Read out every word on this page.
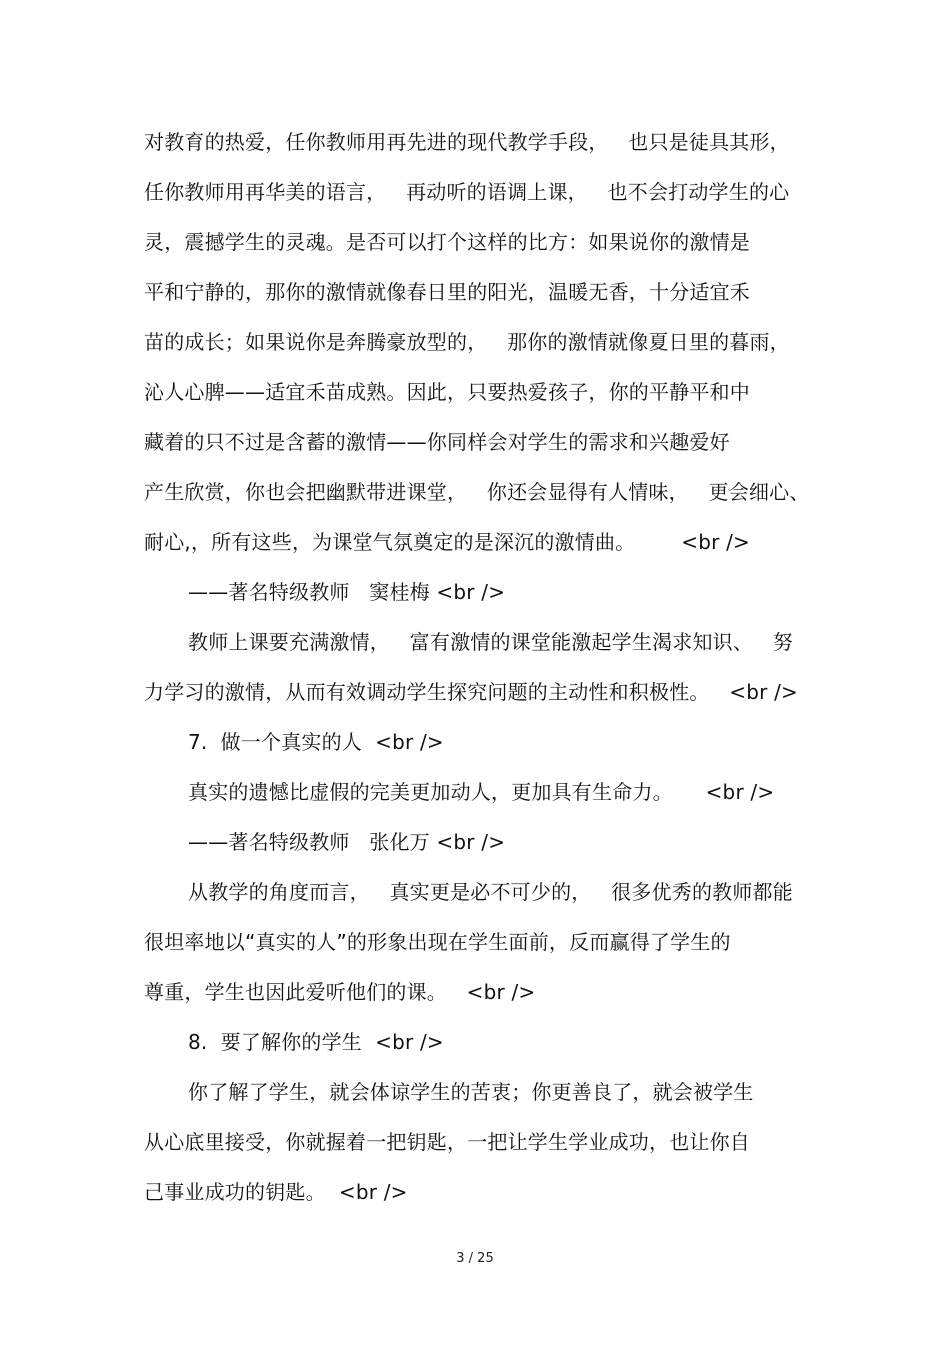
对教育的热爱，任你教师用再先进的现代教学手段，   也只是徒具其形，
任你教师用再华美的语言，   再动听的语调上课，   也不会打动学生的心
灵，震撼学生的灵魂。是否可以打个这样的比方：如果说你的激情是
平和宁静的，那你的激情就像春日里的阳光，温暖无香，十分适宜禾
苗的成长；如果说你是奔腾豪放型的，   那你的激情就像夏日里的暮雨，
沁人心脾——适宜禾苗成熟。因此，只要热爱孩子，你的平静平和中
藏着的只不过是含蓄的激情——你同样会对学生的需求和兴趣爱好
产生欣赏，你也会把幽默带进课堂，   你还会显得有人情味，   更会细心、
耐心,，所有这些，为课堂气氛奠定的是深沉的激情曲。       <br />
——著名特级教师   窦桂梅 <br />
教师上课要充满激情，   富有激情的课堂能激起学生渴求知识、   努
力学习的激情，从而有效调动学生探究问题的主动性和积极性。   <br />
7.  做一个真实的人  <br />
真实的遗憾比虚假的完美更加动人，更加具有生命力。     <br />
——著名特级教师   张化万 <br />
从教学的角度而言，   真实更是必不可少的，   很多优秀的教师都能
很坦率地以“真实的人”的形象出现在学生面前，反而赢得了学生的
尊重，学生也因此爱听他们的课。   <br />
8.  要了解你的学生  <br />
你了解了学生，就会体谅学生的苦衷；你更善良了，就会被学生
从心底里接受，你就握着一把钥匙，一把让学生学业成功，也让你自
己事业成功的钥匙。  <br />
3 / 25
